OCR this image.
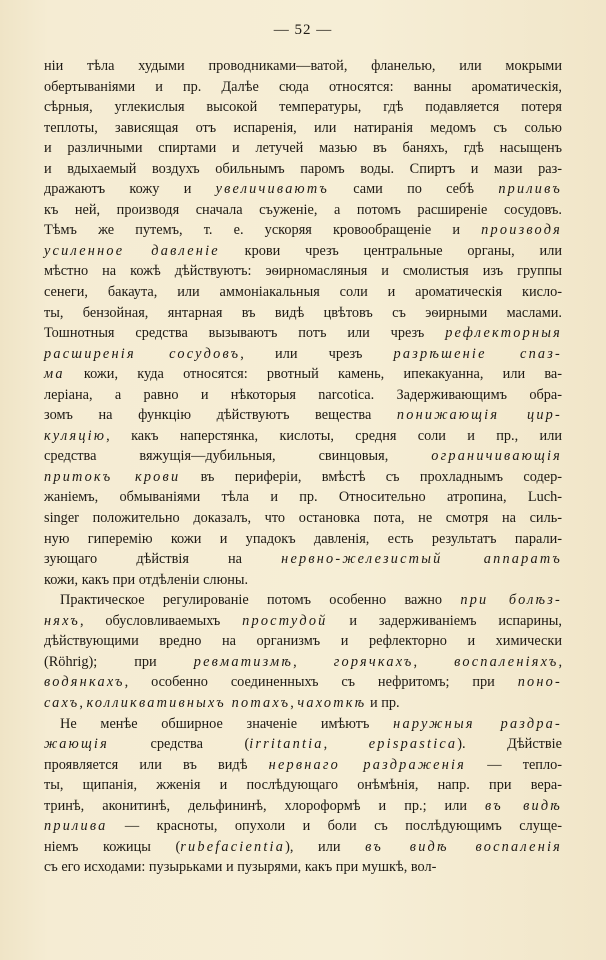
— 52 —
ніи тѣла худыми проводниками—ватой, фланелью, или мокрыми
обертываніями и пр. Далѣе сюда относятся: ванны ароматическія,
сѣрныя, углекислыя высокой температуры, гдѣ подавляется потеря
теплоты, зависящая отъ испаренія, или натиранія медомъ съ солью
и различными спиртами и летучей мазью въ баняхъ, гдѣ насыщенъ
и вдыхаемый воздухъ обильнымъ паромъ воды. Спиртъ и мази раз-
дражаютъ кожу и увеличиваютъ сами по себѣ приливъ
къ ней, производя сначала съуженіе, а потомъ расширеніе сосудовъ.
Тѣмъ же путемъ, т. е. ускоряя кровообращеніе и производя
усиленное давленіе крови чрезъ центральные органы, или
мѣстно на кожѣ дѣйствуютъ: эѳирномасляныя и смолистыя изъ группы
сенеги, бакаута, или аммоніакальныя соли и ароматическія кисло-
ты, бензойная, янтарная въ видѣ цвѣтовъ съ эѳирными маслами.
Тошнотныя средства вызываютъ потъ или чрезъ рефлекторныя
расширенія сосудовъ, или чрезъ разрѣшеніе спаз-
ма кожи, куда относятся: рвотный камень, ипекакуанна, или ва-
леріана, а равно и нѣкоторыя narcotica. Задерживающимъ обра-
зомъ на функцію дѣйствуютъ вещества понижающія цир-
куляцію, какъ наперстянка, кислоты, средня соли и пр., или
средства вяжущія—дубильныя, свинцовыя, ограничивающія
притокъ крови въ периферіи, вмѣстѣ съ прохладнымъ содер-
жаніемъ, обмываніями тѣла и пр. Относительно атропина, Luch-
singer положительно доказалъ, что остановка пота, не смотря на силь-
ную гиперемію кожи и упадокъ давленія, есть результатъ парали-
зующаго дѣйствія на нервно-железистый аппаратъ
кожи, какъ при отдѣленіи слюны.
Практическое регулированіе потомъ особенно важно при болѣз-
няхъ, обусловливаемыхъ простудой и задерживаніемъ испарины,
дѣйствующими вредно на организмъ и рефлекторно и химически
(Röhrig); при ревматизмѣ, горячкахъ, воспаленіяхъ,
водянкахъ, особенно соединенныхъ съ нефритомъ; при поно-
сахъ, колликвативныхъ потахъ, чахоткѣ и пр.
Не менѣе обширное значеніе имѣютъ наружныя раздра-
жающія средства (irritantia, epispastica). Дѣйствіе
проявляется или въ видѣ нервнаго раздраженія — тепло-
ты, щипанія, жженія и послѣдующаго онѣмѣнія, напр. при верa-
тринѣ, аконитинѣ, дельфининѣ, хлороформѣ и пр.; или въ видѣ
прилива — красноты, опухоли и боли съ послѣдующимъ слуще-
ніемъ кожицы (rubefacientia), или въ видѣ воспаленія
съ его исходами: пузырьками и пузырями, какъ при мушкѣ, вол-
